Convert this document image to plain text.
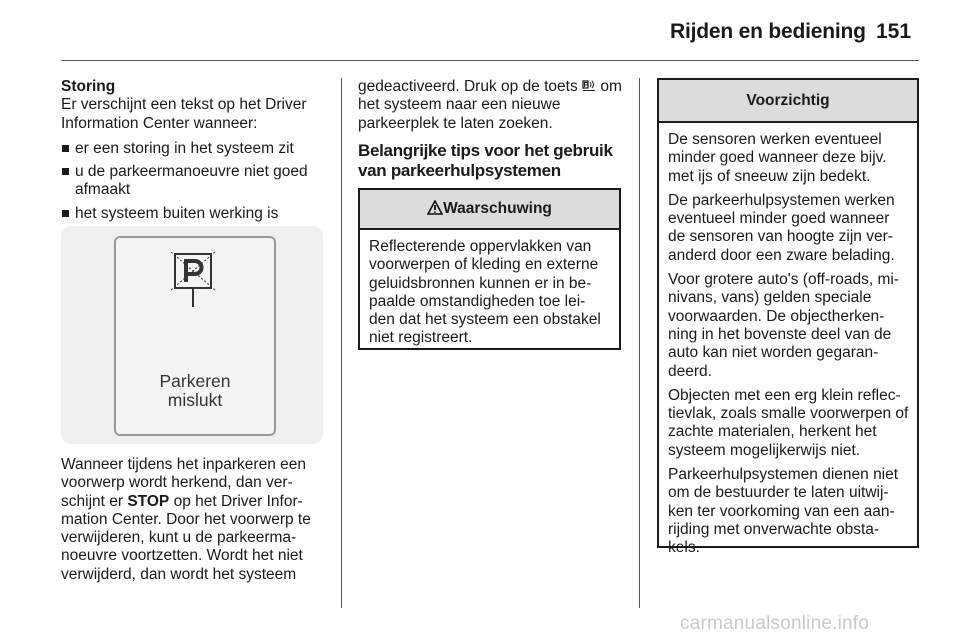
Rijden en bediening 151

Storing

Er verschijnt een tekst op het Driver Information Center wanneer:

er een storing in het systeem zit
u de parkeermanoeuvre niet goed afmaakt
het systeem buiten werking is
Parkeren
mislukt
Wanneer tijdens het inparkeren een voorwerp wordt herkend, dan ver-schijnt er STOP op het Driver Infor-mation Center. Door het voorwerp te verwijderen, kunt u de parkeerma-noeuvre voortzetten. Wordt het niet verwijderd, dan wordt het systeem

gedeactiveerd. Druk op de toets  om het systeem naar een nieuwe parkeerplek te laten zoeken.

Belangrijke tips voor het gebruik van parkeerhulpsystemen

Waarschuwing
Reflecterende oppervlakken van voorwerpen of kleding en externe geluidsbronnen kunnen er in be-paalde omstandigheden toe lei-den dat het systeem een obstakel niet registreert.
Voorzichtig

De sensoren werken eventueel minder goed wanneer deze bijv. met ijs of sneeuw zijn bedekt.

De parkeerhulpsystemen werken eventueel minder goed wanneer de sensoren van hoogte zijn ver-anderd door een zware belading.

Voor grotere auto's (off-roads, mi-nivans, vans) gelden speciale voorwaarden. De objectherken-ning in het bovenste deel van de auto kan niet worden gegaran-deerd.

Objecten met een erg klein reflec-tievlak, zoals smalle voorwerpen of zachte materialen, herkent het systeem mogelijkerwijs niet.

Parkeerhulpsystemen dienen niet om de bestuurder te laten uitwij-ken ter voorkoming van een aan-rijding met onverwachte obsta-kels.

carmanualsonline.info
